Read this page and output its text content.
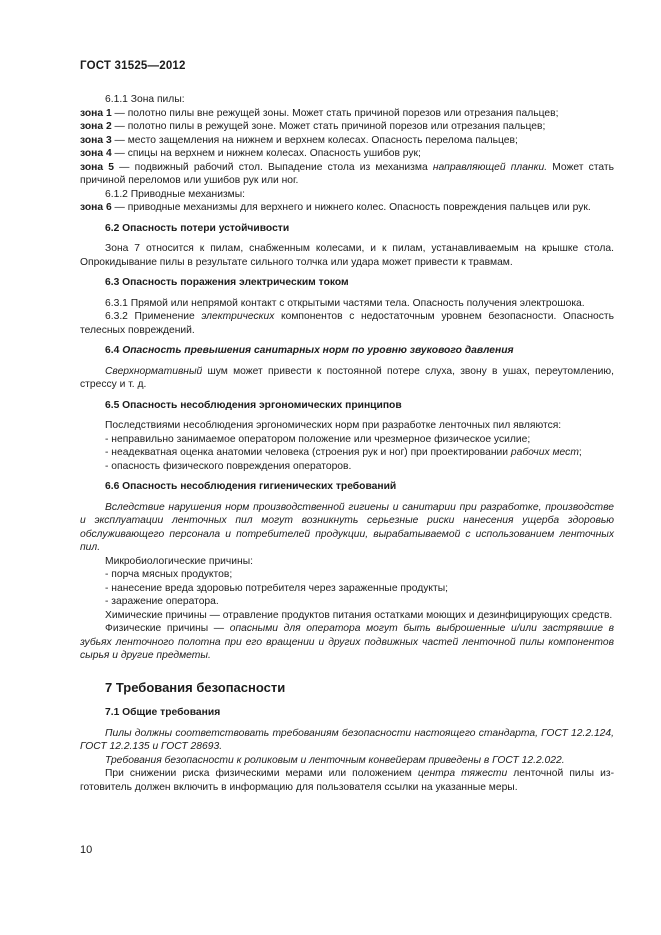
ГОСТ 31525—2012

6.1.1 Зона пилы:

зона 1 — полотно пилы вне режущей зоны. Может стать причиной порезов или отрезания пальцев;

зона 2 — полотно пилы в режущей зоне. Может стать причиной порезов или отрезания пальцев;

зона 3 — место защемления на нижнем и верхнем колесах. Опасность перелома пальцев;

зона 4 — спицы на верхнем и нижнем колесах. Опасность ушибов рук;

зона 5 — подвижный рабочий стол. Выпадение стола из механизма направляющей планки. Может стать причиной переломов или ушибов рук или ног.

6.1.2 Приводные механизмы:

зона 6 — приводные механизмы для верхнего и нижнего колес. Опасность повреждения пальцев или рук.

6.2 Опасность потери устойчивости

Зона 7 относится к пилам, снабженным колесами, и к пилам, устанавливаемым на крышке стола. Опрокидывание пилы в результате сильного толчка или удара может привести к травмам.

6.3 Опасность поражения электрическим током

6.3.1 Прямой или непрямой контакт с открытыми частями тела. Опасность получения электрошока.

6.3.2 Применение электрических компонентов с недостаточным уровнем безопасности. Опасность телесных повреждений.

6.4 Опасность превышения санитарных норм по уровню звукового давления

Сверхнормативный шум может привести к постоянной потере слуха, звону в ушах, переутомлению, стрессу и т. д.

6.5 Опасность несоблюдения эргономических принципов

Последствиями несоблюдения эргономических норм при разработке ленточных пил являются:

- неправильно занимаемое оператором положение или чрезмерное физическое усилие;

- неадекватная оценка анатомии человека (строения рук и ног) при проектировании рабочих мест;

- опасность физического повреждения операторов.

6.6 Опасность несоблюдения гигиенических требований

Вследствие нарушения норм производственной гигиены и санитарии при разработке, производстве и эксплуатации ленточных пил могут возникнуть серьезные риски нанесения ущерба здоровью обслуживающего персонала и потребителей продукции, вырабатываемой с использованием ленточных пил.

Микробиологические причины:

- порча мясных продуктов;

- нанесение вреда здоровью потребителя через зараженные продукты;

- заражение оператора.

Химические причины — отравление продуктов питания остатками моющих и дезинфицирующих средств.

Физические причины — опасными для оператора могут быть выброшенные и/или застрявшие в зубьях ленточного полотна при его вращении и других подвижных частей ленточной пилы компонентов сырья и другие предметы.

7 Требования безопасности

7.1 Общие требования

Пилы должны соответствовать требованиям безопасности настоящего стандарта, ГОСТ 12.2.124, ГОСТ 12.2.135 и ГОСТ 28693.

Требования безопасности к роликовым и ленточным конвейерам приведены в ГОСТ 12.2.022.

При снижении риска физическими мерами или положением центра тяжести ленточной пилы изготовитель должен включить в информацию для пользователя ссылки на указанные меры.

10
